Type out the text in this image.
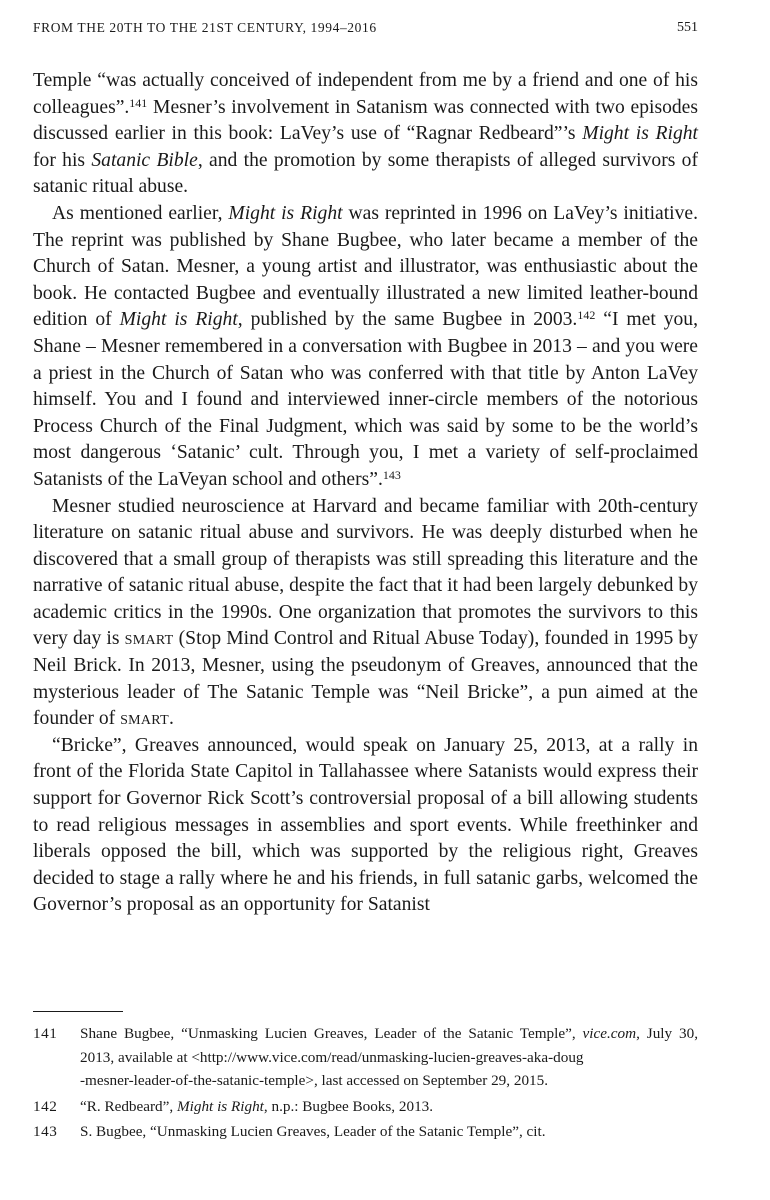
FROM THE 20TH TO THE 21ST CENTURY, 1994–2016	551

Temple “was actually conceived of independent from me by a friend and one of his colleagues”.$^{141}$ Mesner’s involvement in Satanism was connected with two episodes discussed earlier in this book: LaVey’s use of “Ragnar Redbeard”’s Might is Right for his Satanic Bible, and the promotion by some therapists of alleged survivors of satanic ritual abuse.

As mentioned earlier, Might is Right was reprinted in 1996 on LaVey’s initiative. The reprint was published by Shane Bugbee, who later became a member of the Church of Satan. Mesner, a young artist and illustrator, was enthusiastic about the book. He contacted Bugbee and eventually illustrated a new limited leather-bound edition of Might is Right, published by the same Bugbee in 2003.$^{142}$ “I met you, Shane – Mesner remembered in a conversation with Bugbee in 2013 – and you were a priest in the Church of Satan who was conferred with that title by Anton LaVey himself. You and I found and interviewed inner-circle members of the notorious Process Church of the Final Judgment, which was said by some to be the world’s most dangerous ‘Satanic’ cult. Through you, I met a variety of self-proclaimed Satanists of the LaVeyan school and others”.$^{143}$

Mesner studied neuroscience at Harvard and became familiar with 20th-century literature on satanic ritual abuse and survivors. He was deeply disturbed when he discovered that a small group of therapists was still spreading this literature and the narrative of satanic ritual abuse, despite the fact that it had been largely debunked by academic critics in the 1990s. One organization that promotes the survivors to this very day is smart (Stop Mind Control and Ritual Abuse Today), founded in 1995 by Neil Brick. In 2013, Mesner, using the pseudonym of Greaves, announced that the mysterious leader of The Satanic Temple was “Neil Bricke”, a pun aimed at the founder of smart.

“Bricke”, Greaves announced, would speak on January 25, 2013, at a rally in front of the Florida State Capitol in Tallahassee where Satanists would express their support for Governor Rick Scott’s controversial proposal of a bill allowing students to read religious messages in assemblies and sport events. While freethinker and liberals opposed the bill, which was supported by the religious right, Greaves decided to stage a rally where he and his friends, in full satanic garbs, welcomed the Governor’s proposal as an opportunity for Satanist

141 Shane Bugbee, “Unmasking Lucien Greaves, Leader of the Satanic Temple”, vice.com, July 30, 2013, available at <http://www.vice.com/read/unmasking-lucien-greaves-aka-doug
-mesner-leader-of-the-satanic-temple>, last accessed on September 29, 2015.
142 “R. Redbeard”, Might is Right, n.p.: Bugbee Books, 2013.
143 S. Bugbee, “Unmasking Lucien Greaves, Leader of the Satanic Temple”, cit.
